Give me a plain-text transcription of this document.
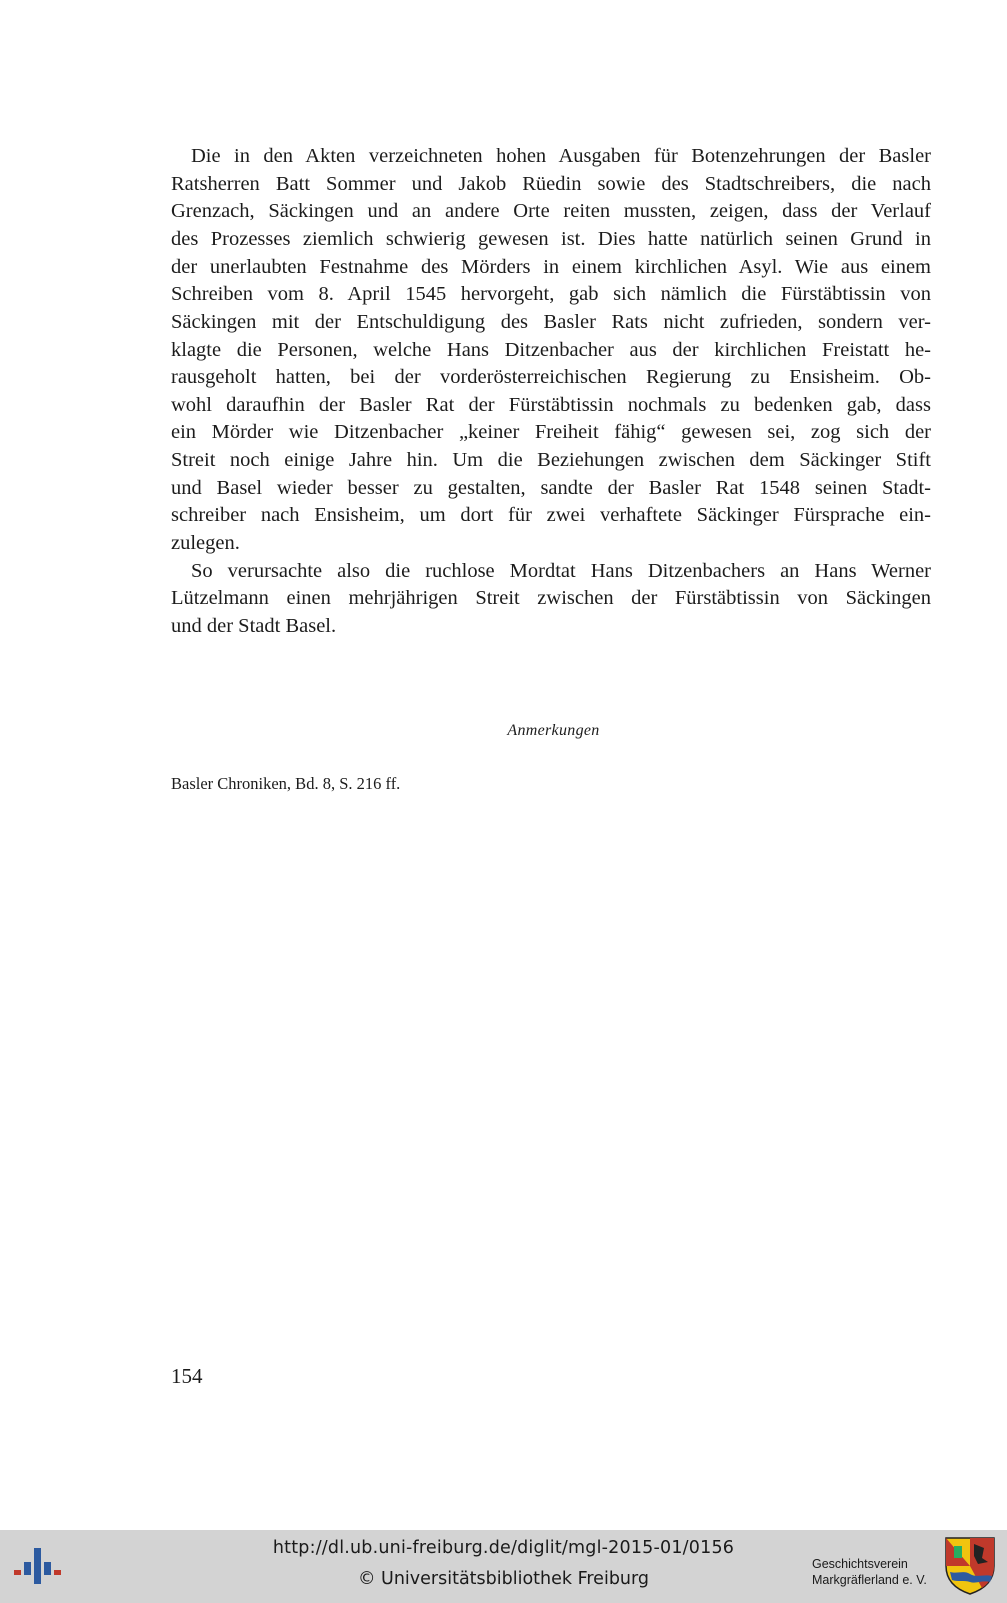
Die in den Akten verzeichneten hohen Ausgaben für Botenzehrungen der Basler
Ratsherren Batt Sommer und Jakob Rüedin sowie des Stadtschreibers, die nach
Grenzach, Säckingen und an andere Orte reiten mussten, zeigen, dass der Verlauf
des Prozesses ziemlich schwierig gewesen ist. Dies hatte natürlich seinen Grund in
der unerlaubten Festnahme des Mörders in einem kirchlichen Asyl. Wie aus einem
Schreiben vom 8. April 1545 hervorgeht, gab sich nämlich die Fürstäbtissin von
Säckingen mit der Entschuldigung des Basler Rats nicht zufrieden, sondern ver-
klagte die Personen, welche Hans Ditzenbacher aus der kirchlichen Freistatt he-
rausgeholt hatten, bei der vorderösterreichischen Regierung zu Ensisheim. Ob-
wohl daraufhin der Basler Rat der Fürstäbtissin nochmals zu bedenken gab, dass
ein Mörder wie Ditzenbacher „keiner Freiheit fähig“ gewesen sei, zog sich der
Streit noch einige Jahre hin. Um die Beziehungen zwischen dem Säckinger Stift
und Basel wieder besser zu gestalten, sandte der Basler Rat 1548 seinen Stadt-
schreiber nach Ensisheim, um dort für zwei verhaftete Säckinger Fürsprache ein-
zulegen.
So verursachte also die ruchlose Mordtat Hans Ditzenbachers an Hans Werner
Lützelmann einen mehrjährigen Streit zwischen der Fürstäbtissin von Säckingen
und der Stadt Basel.
Anmerkungen
Basler Chroniken, Bd. 8, S. 216 ff.
154
http://dl.ub.uni-freiburg.de/diglit/mgl-2015-01/0156
© Universitätsbibliothek Freiburg
Geschichtsverein
Markgräflerland e. V.
